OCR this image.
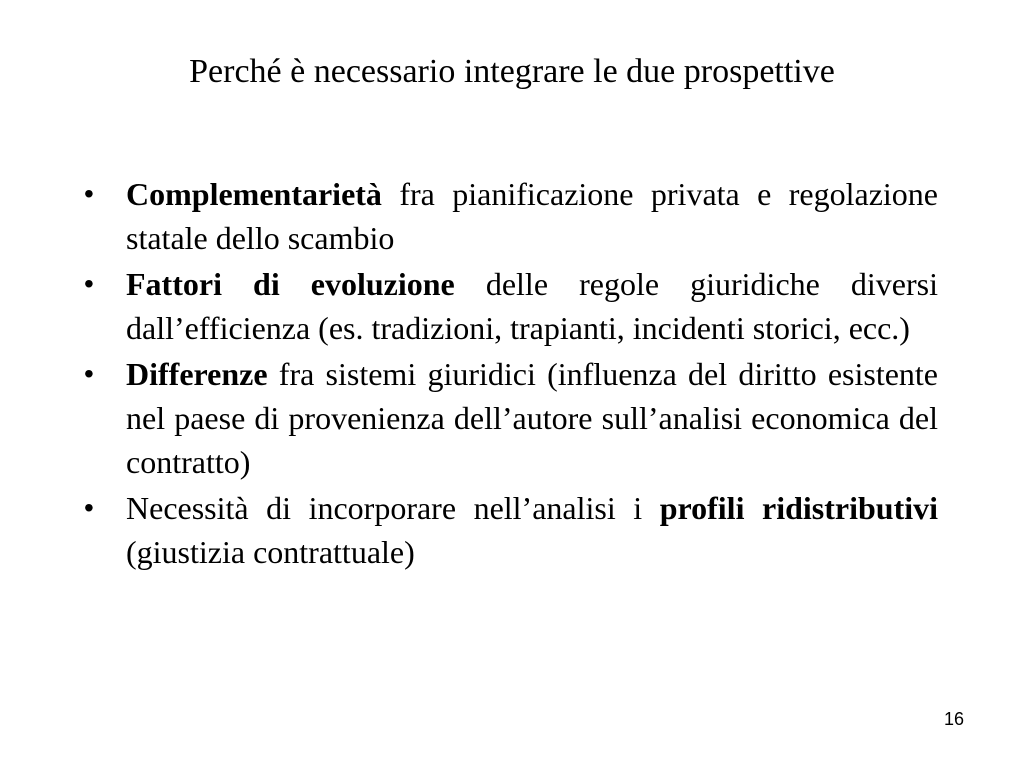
Perché è necessario integrare le due prospettive
•	Complementarietà fra pianificazione privata e regolazione statale dello scambio
•	Fattori di evoluzione delle regole giuridiche diversi dall’efficienza (es. tradizioni, trapianti, incidenti storici, ecc.)
•	Differenze fra sistemi giuridici (influenza del diritto esistente nel paese di provenienza dell’autore sull’analisi economica del contratto)
•	Necessità di incorporare nell’analisi i profili ridistributivi (giustizia contrattuale)
16
